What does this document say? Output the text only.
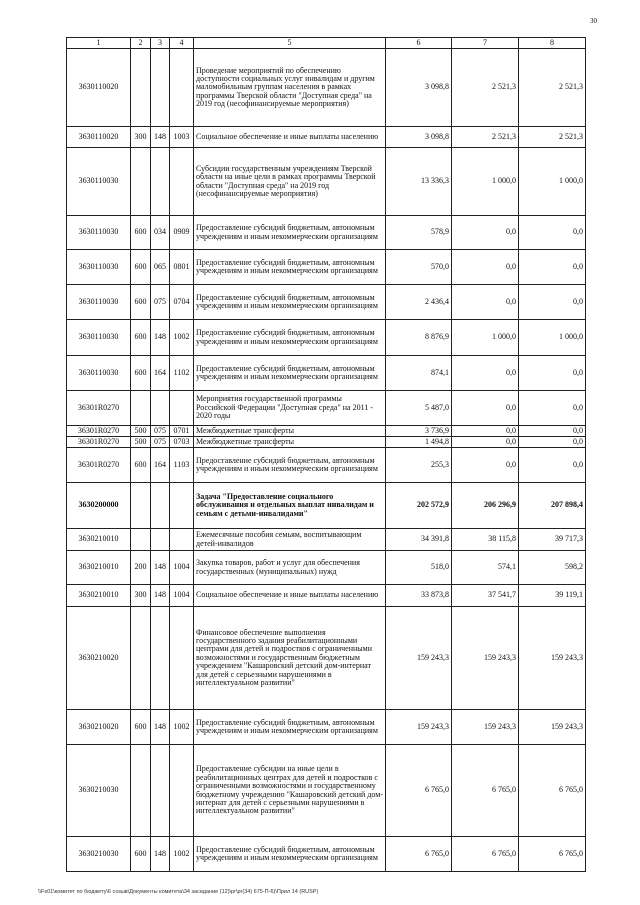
30
1	2	3	4	5	6	7	8
3630110020				Проведение мероприятий по обеспечению доступности социальных услуг инвалидам и другим маломобильным группам населения в рамках программы Тверской области "Доступная среда" на 2019 год (несофинансируемые мероприятия)	3 098,8	2 521,3	2 521,3
3630110020	300	148	1003	Социальное обеспечение и иные выплаты населению	3 098,8	2 521,3	2 521,3
3630110030				Субсидии государственным учреждениям Тверской области на иные цели в рамках программы Тверской области "Доступная среда" на 2019 год (несофинансируемые мероприятия)	13 336,3	1 000,0	1 000,0
3630110030	600	034	0909	Предоставление субсидий бюджетным, автономным учреждениям и иным некоммерческим организациям	578,9	0,0	0,0
3630110030	600	065	0801	Предоставление субсидий бюджетным, автономным учреждениям и иным некоммерческим организациям	570,0	0,0	0,0
3630110030	600	075	0704	Предоставление субсидий бюджетным, автономным учреждениям и иным некоммерческим организациям	2 436,4	0,0	0,0
3630110030	600	148	1002	Предоставление субсидий бюджетным, автономным учреждениям и иным некоммерческим организациям	8 876,9	1 000,0	1 000,0
3630110030	600	164	1102	Предоставление субсидий бюджетным, автономным учреждениям и иным некоммерческим организациям	874,1	0,0	0,0
36301R0270				Мероприятия государственной программы Российской Федерации "Доступная среда" на 2011 - 2020 годы	5 487,0	0,0	0,0
36301R0270	500	075	0701	Межбюджетные трансферты	3 736,9	0,0	0,0
36301R0270	500	075	0703	Межбюджетные трансферты	1 494,8	0,0	0,0
36301R0270	600	164	1103	Предоставление субсидий бюджетным, автономным учреждениям и иным некоммерческим организациям	255,3	0,0	0,0
3630200000				Задача "Предоставление социального обслуживания и отдельных выплат инвалидам и семьям с детьми-инвалидами"	202 572,9	206 296,9	207 898,4
3630210010				Ежемесячные пособия семьям, воспитывающим детей-инвалидов	34 391,8	38 115,8	39 717,3
3630210010	200	148	1004	Закупка товаров, работ и услуг для обеспечения государственных (муниципальных) нужд	518,0	574,1	598,2
3630210010	300	148	1004	Социальное обеспечение и иные выплаты населению	33 873,8	37 541,7	39 119,1
3630210020				Финансовое обеспечение выполнения государственного задания реабилитационными центрами для детей и подростков с ограниченными возможностями и государственным бюджетным учреждением "Кашаровский детский дом-интернат для детей с серьезными нарушениями в интеллектуальном развитии"	159 243,3	159 243,3	159 243,3
3630210020	600	148	1002	Предоставление субсидий бюджетным, автономным учреждениям и иным некоммерческим организациям	159 243,3	159 243,3	159 243,3
3630210030				Предоставление субсидии на иные цели в реабилитационных центрах для детей и подростков с ограниченными возможностями и государственному бюджетному учреждению "Кашаровский детский дом-интернат для детей с серьезными нарушениями в интеллектуальном развитии"	6 765,0	6 765,0	6 765,0
3630210030	600	148	1002	Предоставление субсидий бюджетным, автономным учреждениям и иным некоммерческим организациям	6 765,0	6 765,0	6 765,0
\\Fs01\комитет по бюджету\6 созыв\Документы комитета\34 заседание (12)\pr\pr(34) 675-П-6)\Прил 14 (RUSP)
